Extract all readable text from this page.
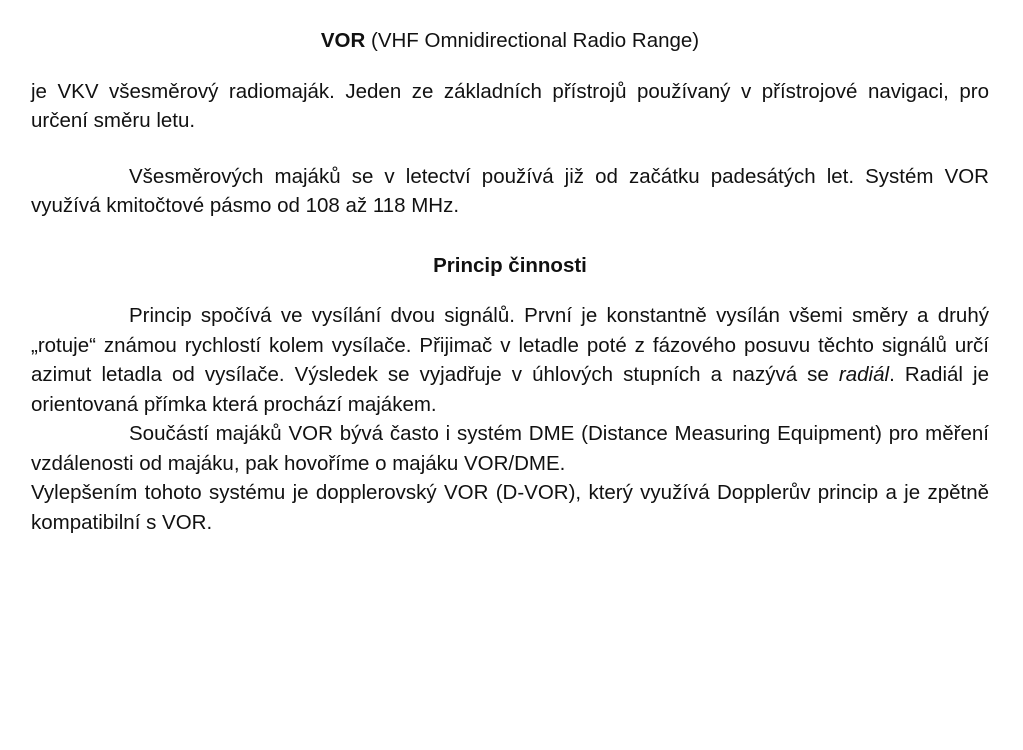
VOR (VHF Omnidirectional Radio Range)

je VKV všesměrový radiomaják. Jeden ze základních přístrojů používaný v přístrojové navigaci, pro určení směru letu.

Všesměrových majáků se v letectví používá již od začátku padesátých let. Systém VOR využívá kmitočtové pásmo od 108 až 118 MHz.

Princip činnosti

Princip spočívá ve vysílání dvou signálů. První je konstantně vysílán všemi směry a druhý „rotuje“ známou rychlostí kolem vysílače. Přijimač v letadle poté z fázového posuvu těchto signálů určí azimut letadla od vysílače. Výsledek se vyjadřuje v úhlových stupních a nazývá se radiál. Radiál je orientovaná přímka která prochází majákem.

Součástí majáků VOR bývá často i systém DME (Distance Measuring Equipment) pro měření vzdálenosti od majáku, pak hovoříme o majáku VOR/DME.

Vylepšením tohoto systému je dopplerovský VOR (D-VOR), který využívá Dopplerův princip a je zpětně kompatibilní s VOR.
